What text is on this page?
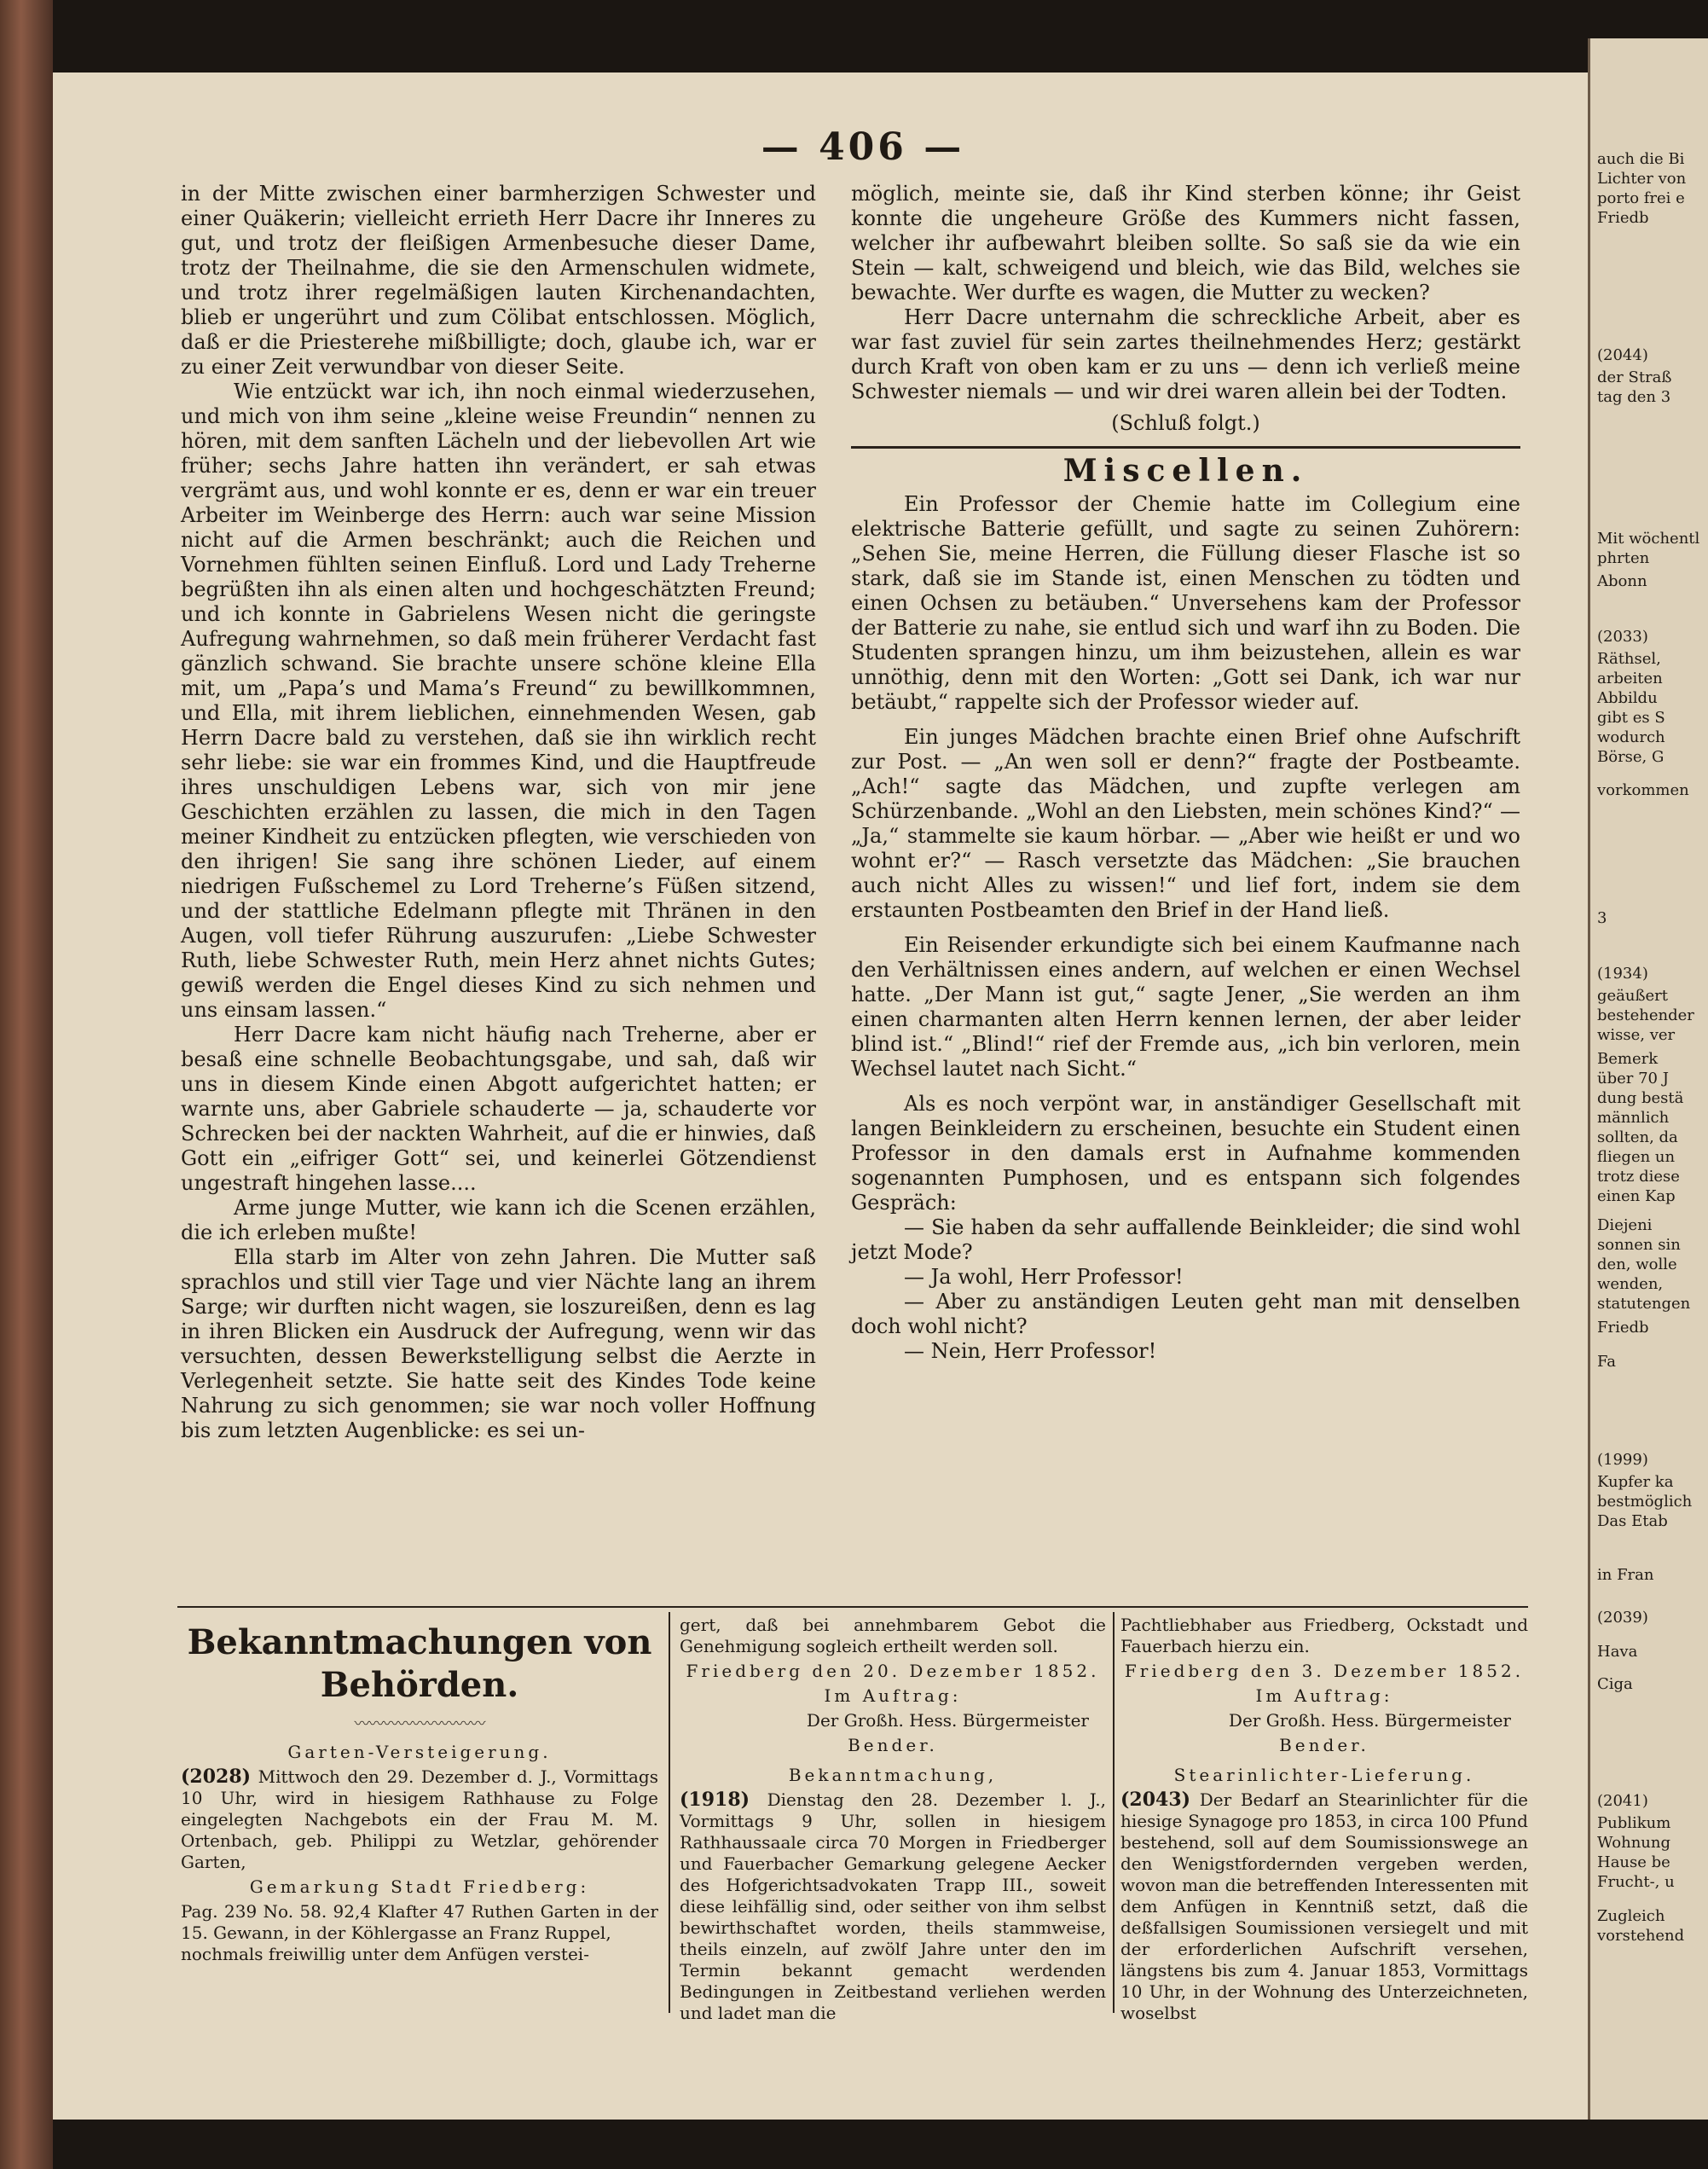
— 406 —

in der Mitte zwischen einer barmherzigen Schwester und einer Quäkerin; vielleicht errieth Herr Dacre ihr Inneres zu gut, und trotz der fleißigen Armenbesuche dieser Dame, trotz der Theilnahme, die sie den Armenschulen widmete, und trotz ihrer regelmäßigen lauten Kirchenandachten, blieb er ungerührt und zum Cölibat entschlossen. Möglich, daß er die Priesterehe mißbilligte; doch, glaube ich, war er zu einer Zeit verwundbar von dieser Seite.

Wie entzückt war ich, ihn noch einmal wiederzusehen, und mich von ihm seine „kleine weise Freundin“ nennen zu hören, mit dem sanften Lächeln und der liebevollen Art wie früher; sechs Jahre hatten ihn verändert, er sah etwas vergrämt aus, und wohl konnte er es, denn er war ein treuer Arbeiter im Weinberge des Herrn: auch war seine Mission nicht auf die Armen beschränkt; auch die Reichen und Vornehmen fühlten seinen Einfluß. Lord und Lady Treherne begrüßten ihn als einen alten und hochgeschätzten Freund; und ich konnte in Gabrielens Wesen nicht die geringste Aufregung wahrnehmen, so daß mein früherer Verdacht fast gänzlich schwand. Sie brachte unsere schöne kleine Ella mit, um „Papa’s und Mama’s Freund“ zu bewillkommnen, und Ella, mit ihrem lieblichen, einnehmenden Wesen, gab Herrn Dacre bald zu verstehen, daß sie ihn wirklich recht sehr liebe: sie war ein frommes Kind, und die Hauptfreude ihres unschuldigen Lebens war, sich von mir jene Geschichten erzählen zu lassen, die mich in den Tagen meiner Kindheit zu entzücken pflegten, wie verschieden von den ihrigen! Sie sang ihre schönen Lieder, auf einem niedrigen Fußschemel zu Lord Treherne’s Füßen sitzend, und der stattliche Edelmann pflegte mit Thränen in den Augen, voll tiefer Rührung auszurufen: „Liebe Schwester Ruth, liebe Schwester Ruth, mein Herz ahnet nichts Gutes; gewiß werden die Engel dieses Kind zu sich nehmen und uns einsam lassen.“

Herr Dacre kam nicht häufig nach Treherne, aber er besaß eine schnelle Beobachtungsgabe, und sah, daß wir uns in diesem Kinde einen Abgott aufgerichtet hatten; er warnte uns, aber Gabriele schauderte — ja, schauderte vor Schrecken bei der nackten Wahrheit, auf die er hinwies, daß Gott ein „eifriger Gott“ sei, und keinerlei Götzendienst ungestraft hingehen lasse....

Arme junge Mutter, wie kann ich die Scenen erzählen, die ich erleben mußte!

Ella starb im Alter von zehn Jahren. Die Mutter saß sprachlos und still vier Tage und vier Nächte lang an ihrem Sarge; wir durften nicht wagen, sie loszureißen, denn es lag in ihren Blicken ein Ausdruck der Aufregung, wenn wir das versuchten, dessen Bewerkstelligung selbst die Aerzte in Verlegenheit setzte. Sie hatte seit des Kindes Tode keine Nahrung zu sich genommen; sie war noch voller Hoffnung bis zum letzten Augenblicke: es sei un-

möglich, meinte sie, daß ihr Kind sterben könne; ihr Geist konnte die ungeheure Größe des Kummers nicht fassen, welcher ihr aufbewahrt bleiben sollte. So saß sie da wie ein Stein — kalt, schweigend und bleich, wie das Bild, welches sie bewachte. Wer durfte es wagen, die Mutter zu wecken?

Herr Dacre unternahm die schreckliche Arbeit, aber es war fast zuviel für sein zartes theilnehmendes Herz; gestärkt durch Kraft von oben kam er zu uns — denn ich verließ meine Schwester niemals — und wir drei waren allein bei der Todten.

(Schluß folgt.)

Miscellen.

Ein Professor der Chemie hatte im Collegium eine elektrische Batterie gefüllt, und sagte zu seinen Zuhörern: „Sehen Sie, meine Herren, die Füllung dieser Flasche ist so stark, daß sie im Stande ist, einen Menschen zu tödten und einen Ochsen zu betäuben.“ Unversehens kam der Professor der Batterie zu nahe, sie entlud sich und warf ihn zu Boden. Die Studenten sprangen hinzu, um ihm beizustehen, allein es war unnöthig, denn mit den Worten: „Gott sei Dank, ich war nur betäubt,“ rappelte sich der Professor wieder auf.

Ein junges Mädchen brachte einen Brief ohne Aufschrift zur Post. — „An wen soll er denn?“ fragte der Postbeamte. „Ach!“ sagte das Mädchen, und zupfte verlegen am Schürzenbande. „Wohl an den Liebsten, mein schönes Kind?“ — „Ja,“ stammelte sie kaum hörbar. — „Aber wie heißt er und wo wohnt er?“ — Rasch versetzte das Mädchen: „Sie brauchen auch nicht Alles zu wissen!“ und lief fort, indem sie dem erstaunten Postbeamten den Brief in der Hand ließ.

Ein Reisender erkundigte sich bei einem Kaufmanne nach den Verhältnissen eines andern, auf welchen er einen Wechsel hatte. „Der Mann ist gut,“ sagte Jener, „Sie werden an ihm einen charmanten alten Herrn kennen lernen, der aber leider blind ist.“ „Blind!“ rief der Fremde aus, „ich bin verloren, mein Wechsel lautet nach Sicht.“

Als es noch verpönt war, in anständiger Gesellschaft mit langen Beinkleidern zu erscheinen, besuchte ein Student einen Professor in den damals erst in Aufnahme kommenden sogenannten Pumphosen, und es entspann sich folgendes Gespräch:

— Sie haben da sehr auffallende Beinkleider; die sind wohl jetzt Mode?

— Ja wohl, Herr Professor!

— Aber zu anständigen Leuten geht man mit denselben doch wohl nicht?

— Nein, Herr Professor!

Bekanntmachungen von Behörden.
〰〰〰〰〰〰〰〰〰

Garten-Versteigerung.

(2028) Mittwoch den 29. Dezember d. J., Vormittags 10 Uhr, wird in hiesigem Rathhause zu Folge eingelegten Nachgebots ein der Frau M. M. Ortenbach, geb. Philippi zu Wetzlar, gehörender Garten,

Gemarkung Stadt Friedberg:

Pag. 239 No. 58. 92,4 Klafter 47 Ruthen Garten in der 15. Gewann, in der Köhlergasse an Franz Ruppel,

nochmals freiwillig unter dem Anfügen verstei-

gert, daß bei annehmbarem Gebot die Genehmigung sogleich ertheilt werden soll.

Friedberg den 20. Dezember 1852.

Im Auftrag:

Der Großh. Hess. Bürgermeister

Bender.

Bekanntmachung,

(1918) Dienstag den 28. Dezember l. J., Vormittags 9 Uhr, sollen in hiesigem Rathhaussaale circa 70 Morgen in Friedberger und Fauerbacher Gemarkung gelegene Aecker des Hofgerichtsadvokaten Trapp III., soweit diese leihfällig sind, oder seither von ihm selbst bewirthschaftet worden, theils stammweise, theils einzeln, auf zwölf Jahre unter den im Termin bekannt gemacht werdenden Bedingungen in Zeitbestand verliehen werden und ladet man die

Pachtliebhaber aus Friedberg, Ockstadt und Fauerbach hierzu ein.

Friedberg den 3. Dezember 1852.

Im Auftrag:

Der Großh. Hess. Bürgermeister

Bender.

Stearinlichter-Lieferung.

(2043) Der Bedarf an Stearinlichter für die hiesige Synagoge pro 1853, in circa 100 Pfund bestehend, soll auf dem Soumissionswege an den Wenigstfordernden vergeben werden, wovon man die betreffenden Interessenten mit dem Anfügen in Kenntniß setzt, daß die deßfallsigen Soumissionen versiegelt und mit der erforderlichen Aufschrift versehen, längstens bis zum 4. Januar 1853, Vormittags 10 Uhr, in der Wohnung des Unterzeichneten, woselbst

auch die Bi
Lichter von
porto frei e
Friedb
(2044)
der Straß
tag den 3
Mit wöchentl
phrten
Abonn
(2033)
Räthsel,
arbeiten
Abbildu
gibt es S
wodurch
Börse, G
vorkommen
3
(1934)
geäußert
bestehender
wisse, ver
Bemerk
über 70 J
dung bestä
männlich
sollten, da
fliegen un
trotz diese
einen Kap
Diejeni
sonnen sin
den, wolle
wenden,
statutengen
Friedb
Fa
(1999)
Kupfer ka
bestmöglich
Das Etab
in Fran
(2039)
Hava
Ciga
(2041)
Publikum
Wohnung
Hause be
Frucht-, u
Zugleich
vorstehend
